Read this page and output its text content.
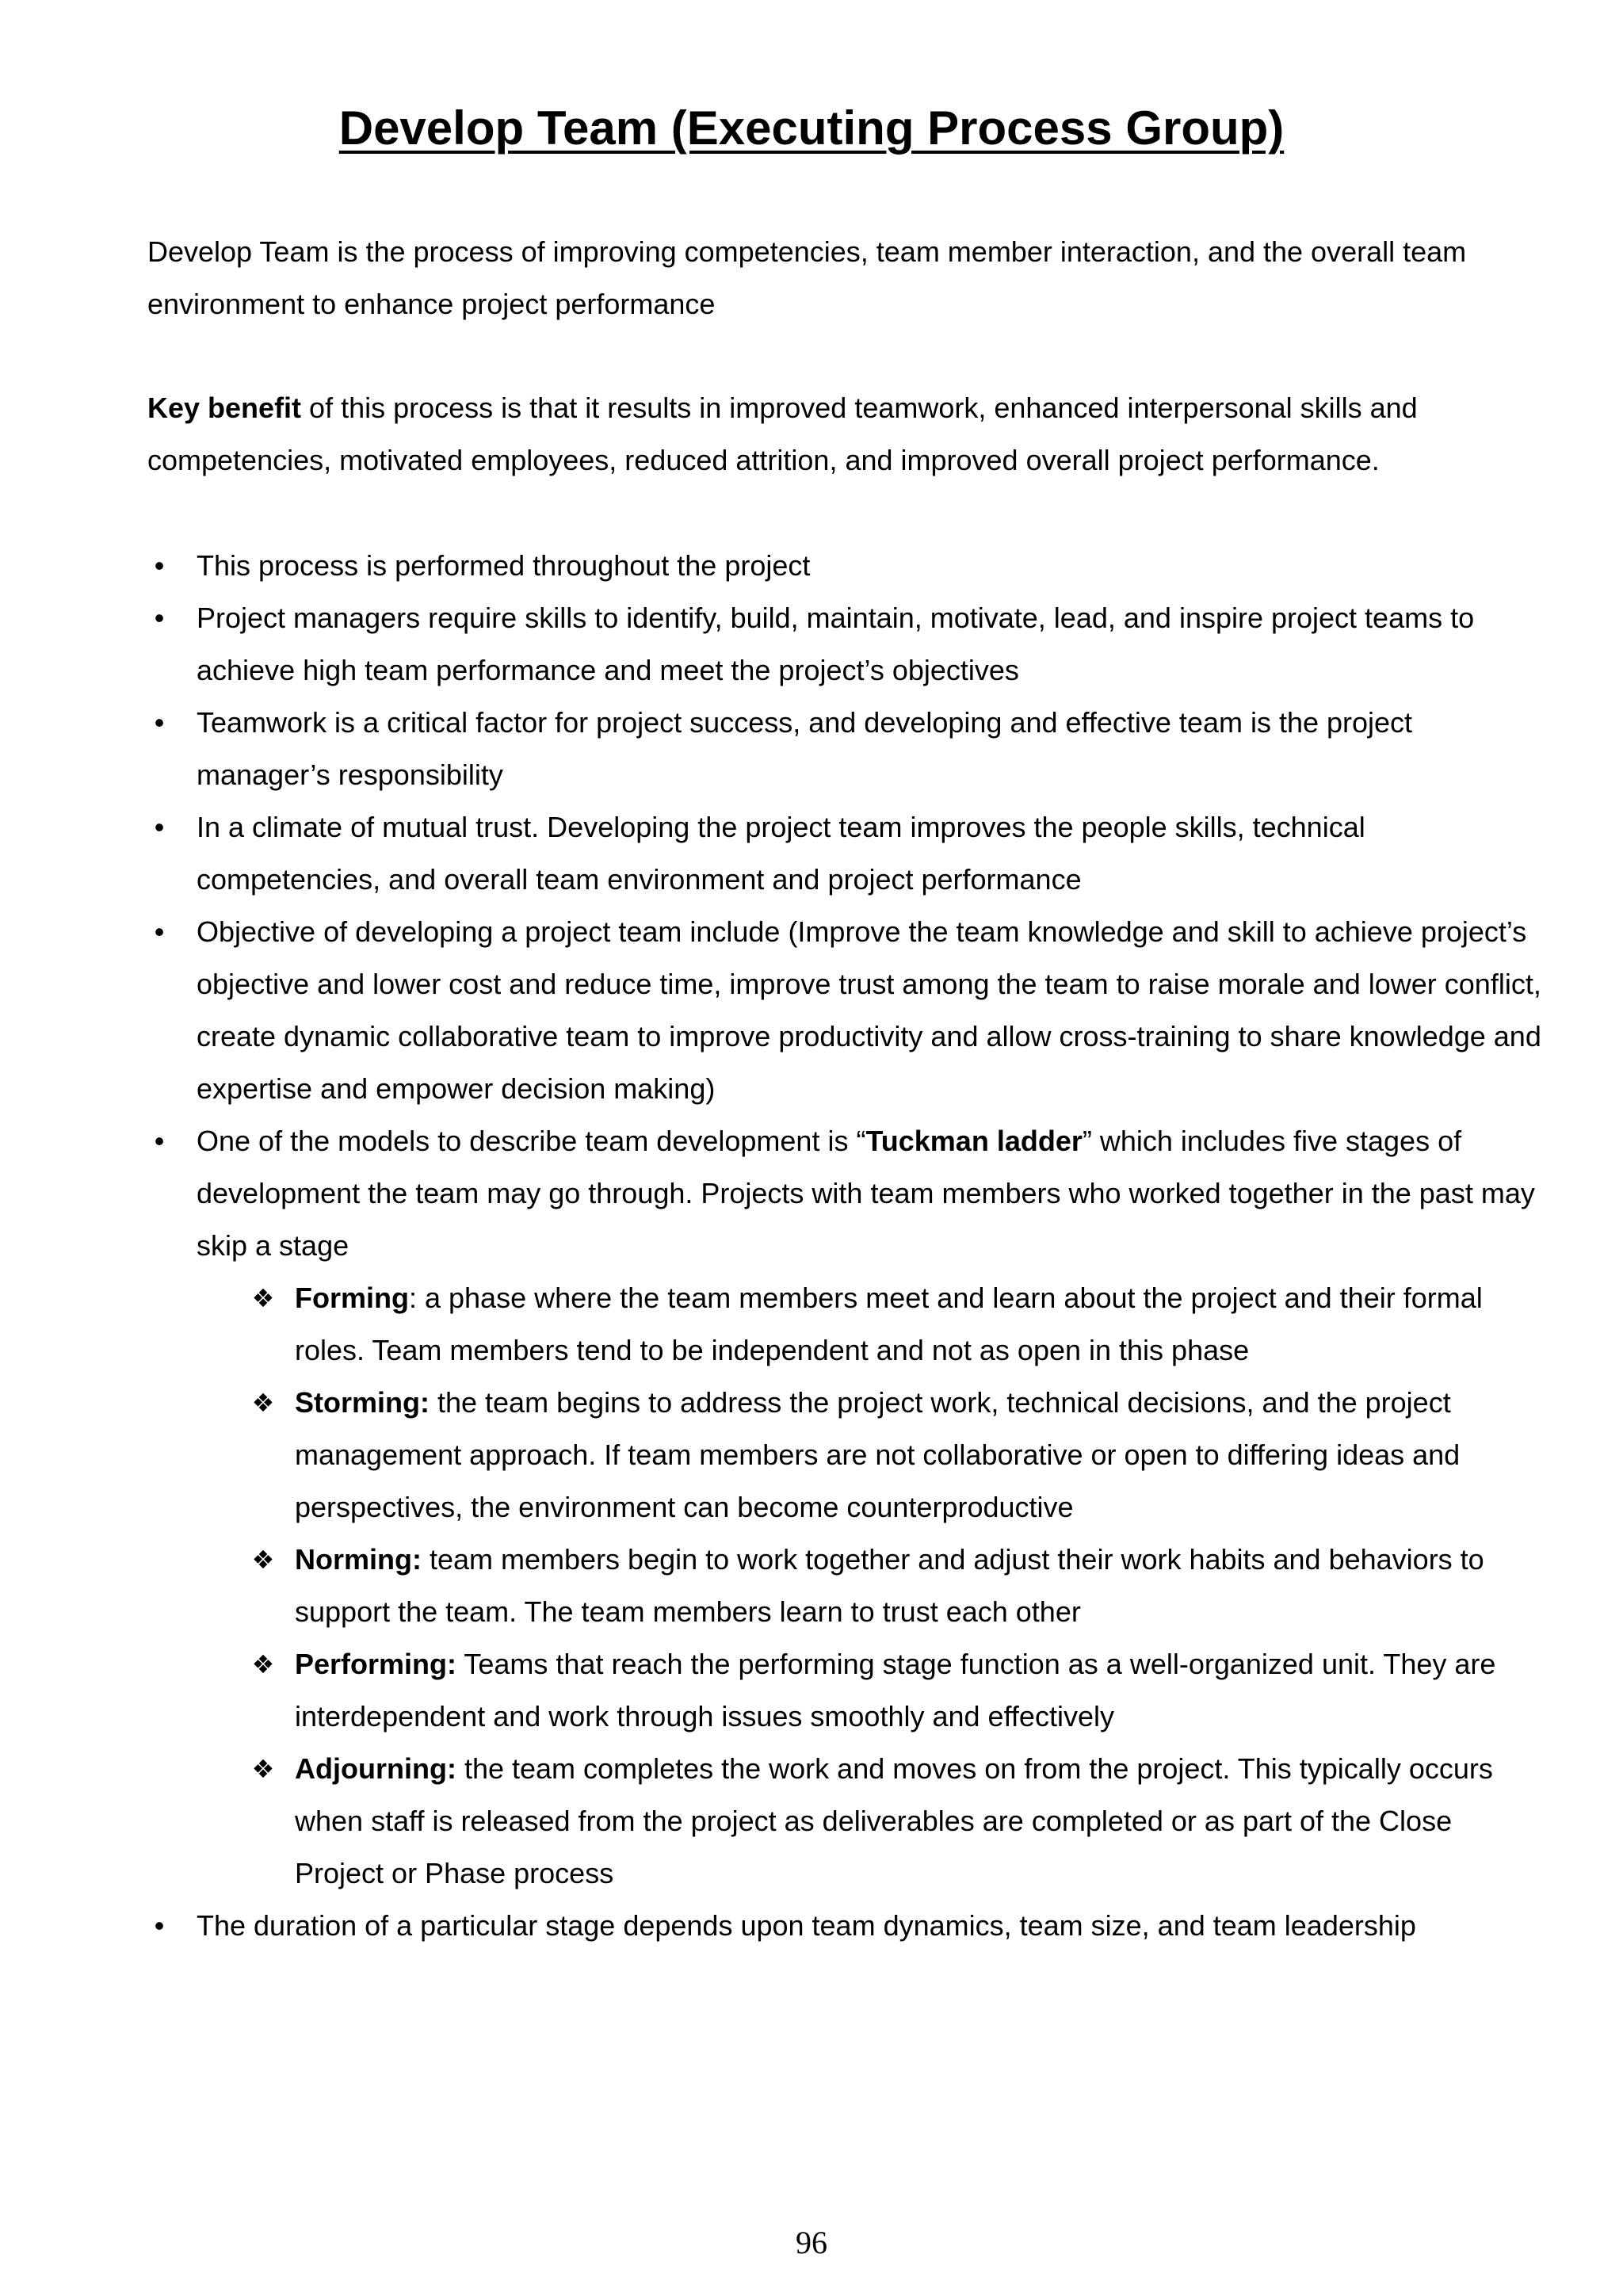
Develop Team (Executing Process Group)

Develop Team is the process of improving competencies, team member interaction, and the overall team environment to enhance project performance

Key benefit of this process is that it results in improved teamwork, enhanced interpersonal skills and competencies, motivated employees, reduced attrition, and improved overall project performance.

• This process is performed throughout the project
• Project managers require skills to identify, build, maintain, motivate, lead, and inspire project teams to achieve high team performance and meet the project’s objectives
• Teamwork is a critical factor for project success, and developing and effective team is the project manager’s responsibility
• In a climate of mutual trust. Developing the project team improves the people skills, technical competencies, and overall team environment and project performance
• Objective of developing a project team include (Improve the team knowledge and skill to achieve project’s objective and lower cost and reduce time, improve trust among the team to raise morale and lower conflict, create dynamic collaborative team to improve productivity and allow cross-training to share knowledge and expertise and empower decision making)
• One of the models to describe team development is “Tuckman ladder” which includes five stages of development the team may go through. Projects with team members who worked together in the past may skip a stage
❖ Forming: a phase where the team members meet and learn about the project and their formal roles. Team members tend to be independent and not as open in this phase
❖ Storming: the team begins to address the project work, technical decisions, and the project management approach. If team members are not collaborative or open to differing ideas and perspectives, the environment can become counterproductive
❖ Norming: team members begin to work together and adjust their work habits and behaviors to support the team. The team members learn to trust each other
❖ Performing: Teams that reach the performing stage function as a well-organized unit. They are interdependent and work through issues smoothly and effectively
❖ Adjourning: the team completes the work and moves on from the project. This typically occurs when staff is released from the project as deliverables are completed or as part of the Close Project or Phase process
• The duration of a particular stage depends upon team dynamics, team size, and team leadership

96
